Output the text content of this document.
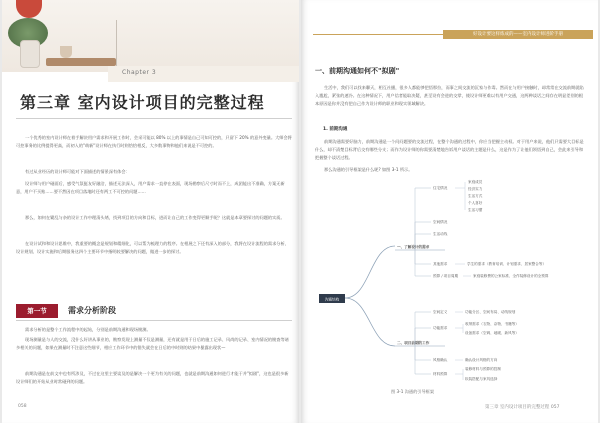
Chapter 3
第三章 室内设计项目的完整过程
一个优秀的室内设计师在着手解决用户需求和开展工作时，会采可能以 80% 以上的事情是自己可知可控的，只留下 20% 的意外变量。大师会将可控事务的比例提得更高，而初入的"萌新"设计师在执行时则恰恰相反，大多数事物和他们来说是不可控的。
有过从业经历的设计师可能对下面描述的情景深有体会：
设计师与用户碰面后，感受气氛挺友好融洽，描述无法深入，用户需求一直停在表面，现场勘察后尺寸时而不上，成团能出不准确，方案无新意，用户不买账……要不然因在项目落地时还有两工不可控的问题……
那么，如何在繁乱与杂的设计工作中理清头绪，找到项目的方向和目标，进而让自己的工作变得更顺手呢？这就是本章要探讨的问题的实质。
在设计试和和设计思维中，我重要的概念是规划和精细化，可以帮为梳理力的程序。在相展之下还有深入的部分，我将在设计流程的需求分析、设计规划、设计实施和后期服务这四个主要环节中指明较要解决的问题，做进一步的探讨。
第一节	需求分析阶段
需求分析的是整个工作流程中的起始，分别是前期沟通和现场勘测。
现场测量是与人的交流，没什么好讲从事业的，勘察发现上测量不仅是测量，还有就是用于日后的施工记录、风尚的记录、室内情况的勘查等诸多相关的问题，如果在测量时不注意这些细节，相应工作环节中的错失就会在日后的中时则的结果中暴露出现状—
前期沟通是在前文中也有所涉及，不过在这里主要谈及的是解决一个更为有关的问题，也就是前期沟通如何进行才能于并"拟剧"，这也是很多新设计师们的开始从业时常碰到的问题。
058
好设计要这样炼成的——室内设计师进阶手册
一、前期沟通如何不"拟剧"
生活中，我们可以找来聊天，相互社播，很多人都能够把悟那拉，而事之间交流的沉家与作毒。然而在与用户接触时，却常常在交流前期就陷入尴尬，紧张的速冷。在这种情况下，用户信者能取决疑，甚至设有会进的交掌，使设计师更难以有用户交通，这两种谈话之间存在明显差别的根本原因是你并没有把自己作为设计师的职业和现实领域解决。
1. 前期沟通
前期沟通需要好脑力，前期沟通是一个问问题要的交流过程，在整个沟通的过程中，你应当把握主动权。对于用户来说，他们只需要大目标是什么，却不清楚目标背后交有哪些分支；而作为设计师的你需要清楚地告诉用户谈话的主题是什么，这是作为了让他们领悟到自己，会此来引导和把握整个谈话过程。
那么沟通的引导框架是什么呢? 如图 3-1 所示。
沟通结构
一、了解设计的需求
住宅情况
家庭成员
经济实力
生活方式
个人喜好
生活习惯
空间情况
生活动线
其他需求	学生的需求（教育培训、计划需求、居家整合等）
预算 / 项目周期	家庭装修费的公家标准、全作装修设计的全预算
二、项目前期的工作
空间定义	功能分区、空间布局、动线规划
功能需求
收纳需求（衣物、杂物、书籍等）
设备需求（空调、地暖、新风等）
风格确认	确认设计风格的方向
材料预算
装修材料与预算的控制
软装搭配与家具选择
图 3-1 沟通的引导框架
第三章 室内设计项目的完整过程 057
